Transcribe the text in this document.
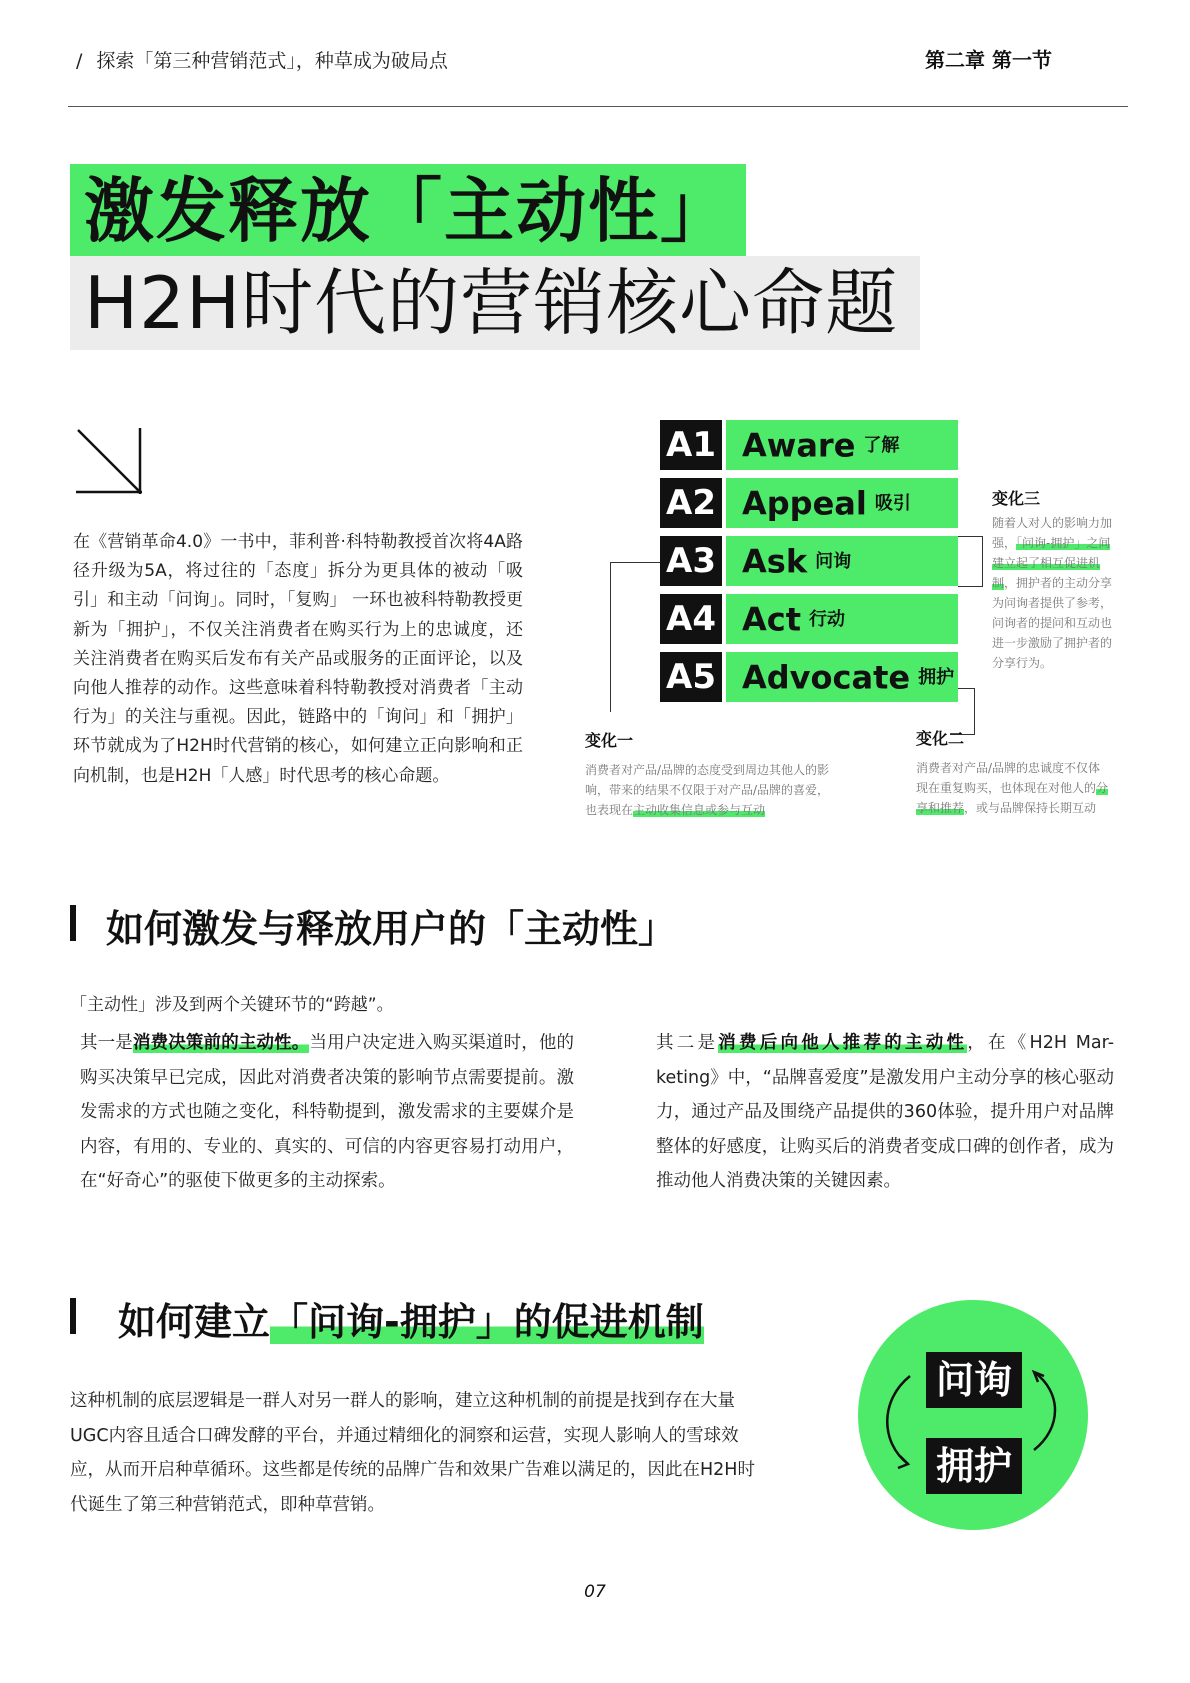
/ 探索「第三种营销范式」，种草成为破局点	第二章 第一节
激发释放「主动性」
H2H时代的营销核心命题
在《营销革命4.0》一书中，菲利普·科特勒教授首次将4A路径升级为5A，将过往的「态度」拆分为更具体的被动「吸引」和主动「问询」。同时，「复购」 一环也被科特勒教授更新为「拥护」，不仅关注消费者在购买行为上的忠诚度，还关注消费者在购买后发布有关产品或服务的正面评论，以及向他人推荐的动作。这些意味着科特勒教授对消费者「主动行为」的关注与重视。因此，链路中的「询问」和「拥护」环节就成为了H2H时代营销的核心，如何建立正向影响和正向机制，也是H2H「人感」时代思考的核心命题。
A1 Aware 了解
A2 Appeal 吸引
A3 Ask 问询
A4 Act 行动
A5 Advocate 拥护
变化三
随着人对人的影响力加强，「问询-拥护」之间建立起了相互促进机制，拥护者的主动分享为问询者提供了参考，问询者的提问和互动也进一步激励了拥护者的分享行为。
变化一
消费者对产品/品牌的态度受到周边其他人的影响，带来的结果不仅限于对产品/品牌的喜爱，也表现在主动收集信息或参与互动
变化二
消费者对产品/品牌的忠诚度不仅体现在重复购买，也体现在对他人的分享和推荐，或与品牌保持长期互动
如何激发与释放用户的「主动性」
「主动性」涉及到两个关键环节的“跨越”。
其一是消费决策前的主动性。当用户决定进入购买渠道时，他的购买决策早已完成，因此对消费者决策的影响节点需要提前。激发需求的方式也随之变化，科特勒提到，激发需求的主要媒介是内容，有用的、专业的、真实的、可信的内容更容易打动用户，在“好奇心”的驱使下做更多的主动探索。
其二是消费后向他人推荐的主动性，在《H2H Mar-keting》中，“品牌喜爱度”是激发用户主动分享的核心驱动力，通过产品及围绕产品提供的360体验，提升用户对品牌整体的好感度，让购买后的消费者变成口碑的创作者，成为推动他人消费决策的关键因素。
如何建立「问询-拥护」的促进机制
这种机制的底层逻辑是一群人对另一群人的影响，建立这种机制的前提是找到存在大量UGC内容且适合口碑发酵的平台，并通过精细化的洞察和运营，实现人影响人的雪球效应，从而开启种草循环。这些都是传统的品牌广告和效果广告难以满足的，因此在H2H时代诞生了第三种营销范式，即种草营销。
问询
拥护
07
